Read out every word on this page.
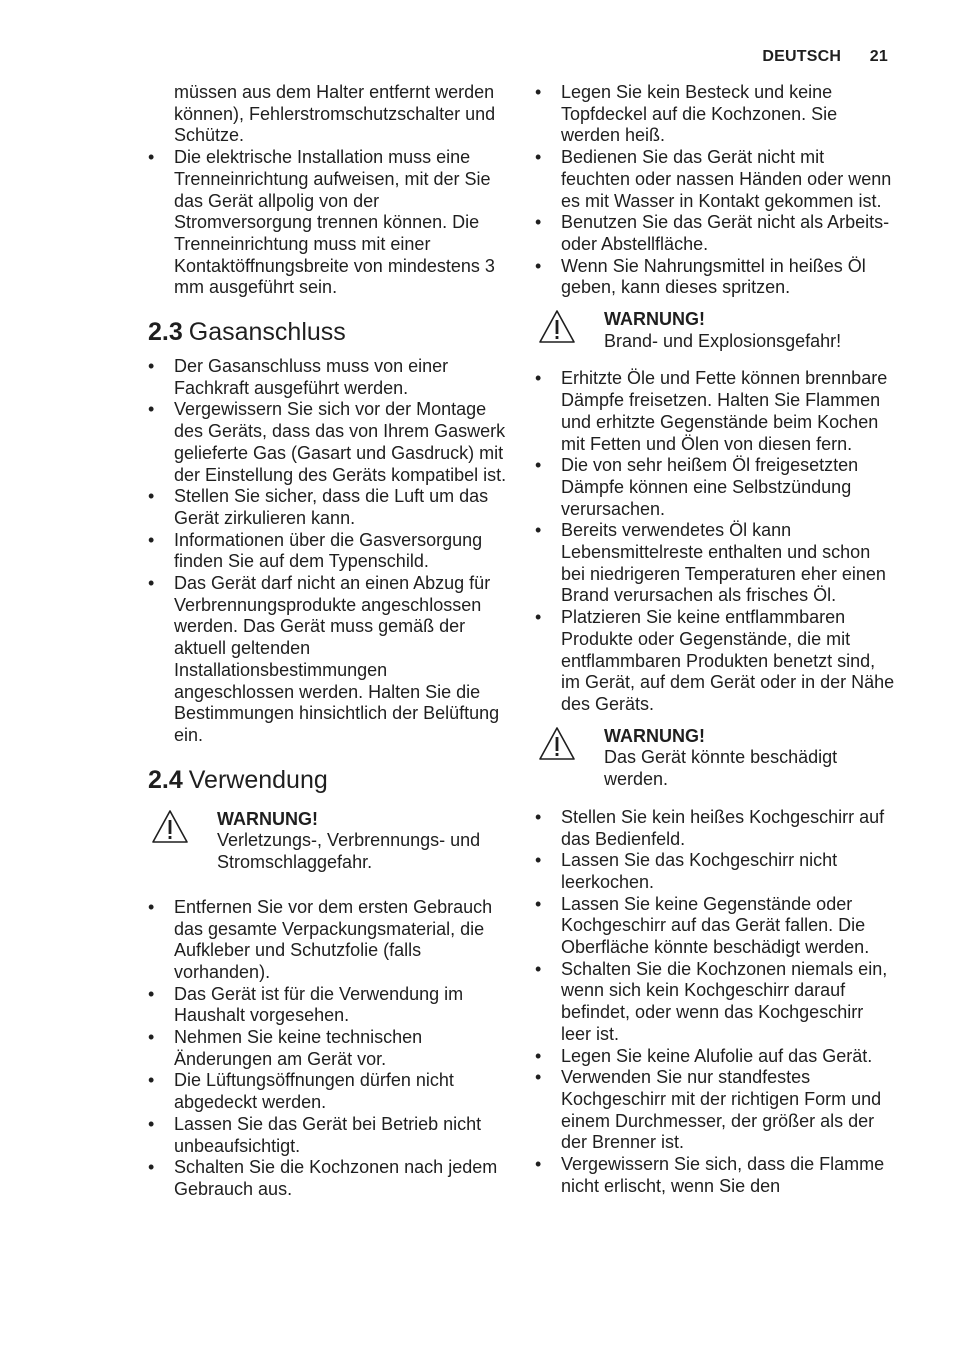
DEUTSCH 21

müssen aus dem Halter entfernt werden können), Fehlerstromschutzschalter und Schütze.

• Die elektrische Installation muss eine Trenneinrichtung aufweisen, mit der Sie das Gerät allpolig von der Stromversorgung trennen können. Die Trenneinrichtung muss mit einer Kontaktöffnungsbreite von mindestens 3 mm ausgeführt sein.
2.3 Gasanschluss
• Der Gasanschluss muss von einer Fachkraft ausgeführt werden.
• Vergewissern Sie sich vor der Montage des Geräts, dass das von Ihrem Gaswerk gelieferte Gas (Gasart und Gasdruck) mit der Einstellung des Geräts kompatibel ist.
• Stellen Sie sicher, dass die Luft um das Gerät zirkulieren kann.
• Informationen über die Gasversorgung finden Sie auf dem Typenschild.
• Das Gerät darf nicht an einen Abzug für Verbrennungsprodukte angeschlossen werden. Das Gerät muss gemäß der aktuell geltenden Installationsbestimmungen angeschlossen werden. Halten Sie die Bestimmungen hinsichtlich der Belüftung ein.
2.4 Verwendung
WARNUNG!
Verletzungs-, Verbrennungs- und Stromschlaggefahr.
• Entfernen Sie vor dem ersten Gebrauch das gesamte Verpackungsmaterial, die Aufkleber und Schutzfolie (falls vorhanden).
• Das Gerät ist für die Verwendung im Haushalt vorgesehen.
• Nehmen Sie keine technischen Änderungen am Gerät vor.
• Die Lüftungsöffnungen dürfen nicht abgedeckt werden.
• Lassen Sie das Gerät bei Betrieb nicht unbeaufsichtigt.
• Schalten Sie die Kochzonen nach jedem Gebrauch aus.
• Legen Sie kein Besteck und keine Topfdeckel auf die Kochzonen. Sie werden heiß.
• Bedienen Sie das Gerät nicht mit feuchten oder nassen Händen oder wenn es mit Wasser in Kontakt gekommen ist.
• Benutzen Sie das Gerät nicht als Arbeits- oder Abstellfläche.
• Wenn Sie Nahrungsmittel in heißes Öl geben, kann dieses spritzen.
WARNUNG!
Brand- und Explosionsgefahr!
• Erhitzte Öle und Fette können brennbare Dämpfe freisetzen. Halten Sie Flammen und erhitzte Gegenstände beim Kochen mit Fetten und Ölen von diesen fern.
• Die von sehr heißem Öl freigesetzten Dämpfe können eine Selbstzündung verursachen.
• Bereits verwendetes Öl kann Lebensmittelreste enthalten und schon bei niedrigeren Temperaturen eher einen Brand verursachen als frisches Öl.
• Platzieren Sie keine entflammbaren Produkte oder Gegenstände, die mit entflammbaren Produkten benetzt sind, im Gerät, auf dem Gerät oder in der Nähe des Geräts.
WARNUNG!
Das Gerät könnte beschädigt werden.
• Stellen Sie kein heißes Kochgeschirr auf das Bedienfeld.
• Lassen Sie das Kochgeschirr nicht leerkochen.
• Lassen Sie keine Gegenstände oder Kochgeschirr auf das Gerät fallen. Die Oberfläche könnte beschädigt werden.
• Schalten Sie die Kochzonen niemals ein, wenn sich kein Kochgeschirr darauf befindet, oder wenn das Kochgeschirr leer ist.
• Legen Sie keine Alufolie auf das Gerät.
• Verwenden Sie nur standfestes Kochgeschirr mit der richtigen Form und einem Durchmesser, der größer als der der Brenner ist.
• Vergewissern Sie sich, dass die Flamme nicht erlischt, wenn Sie den
